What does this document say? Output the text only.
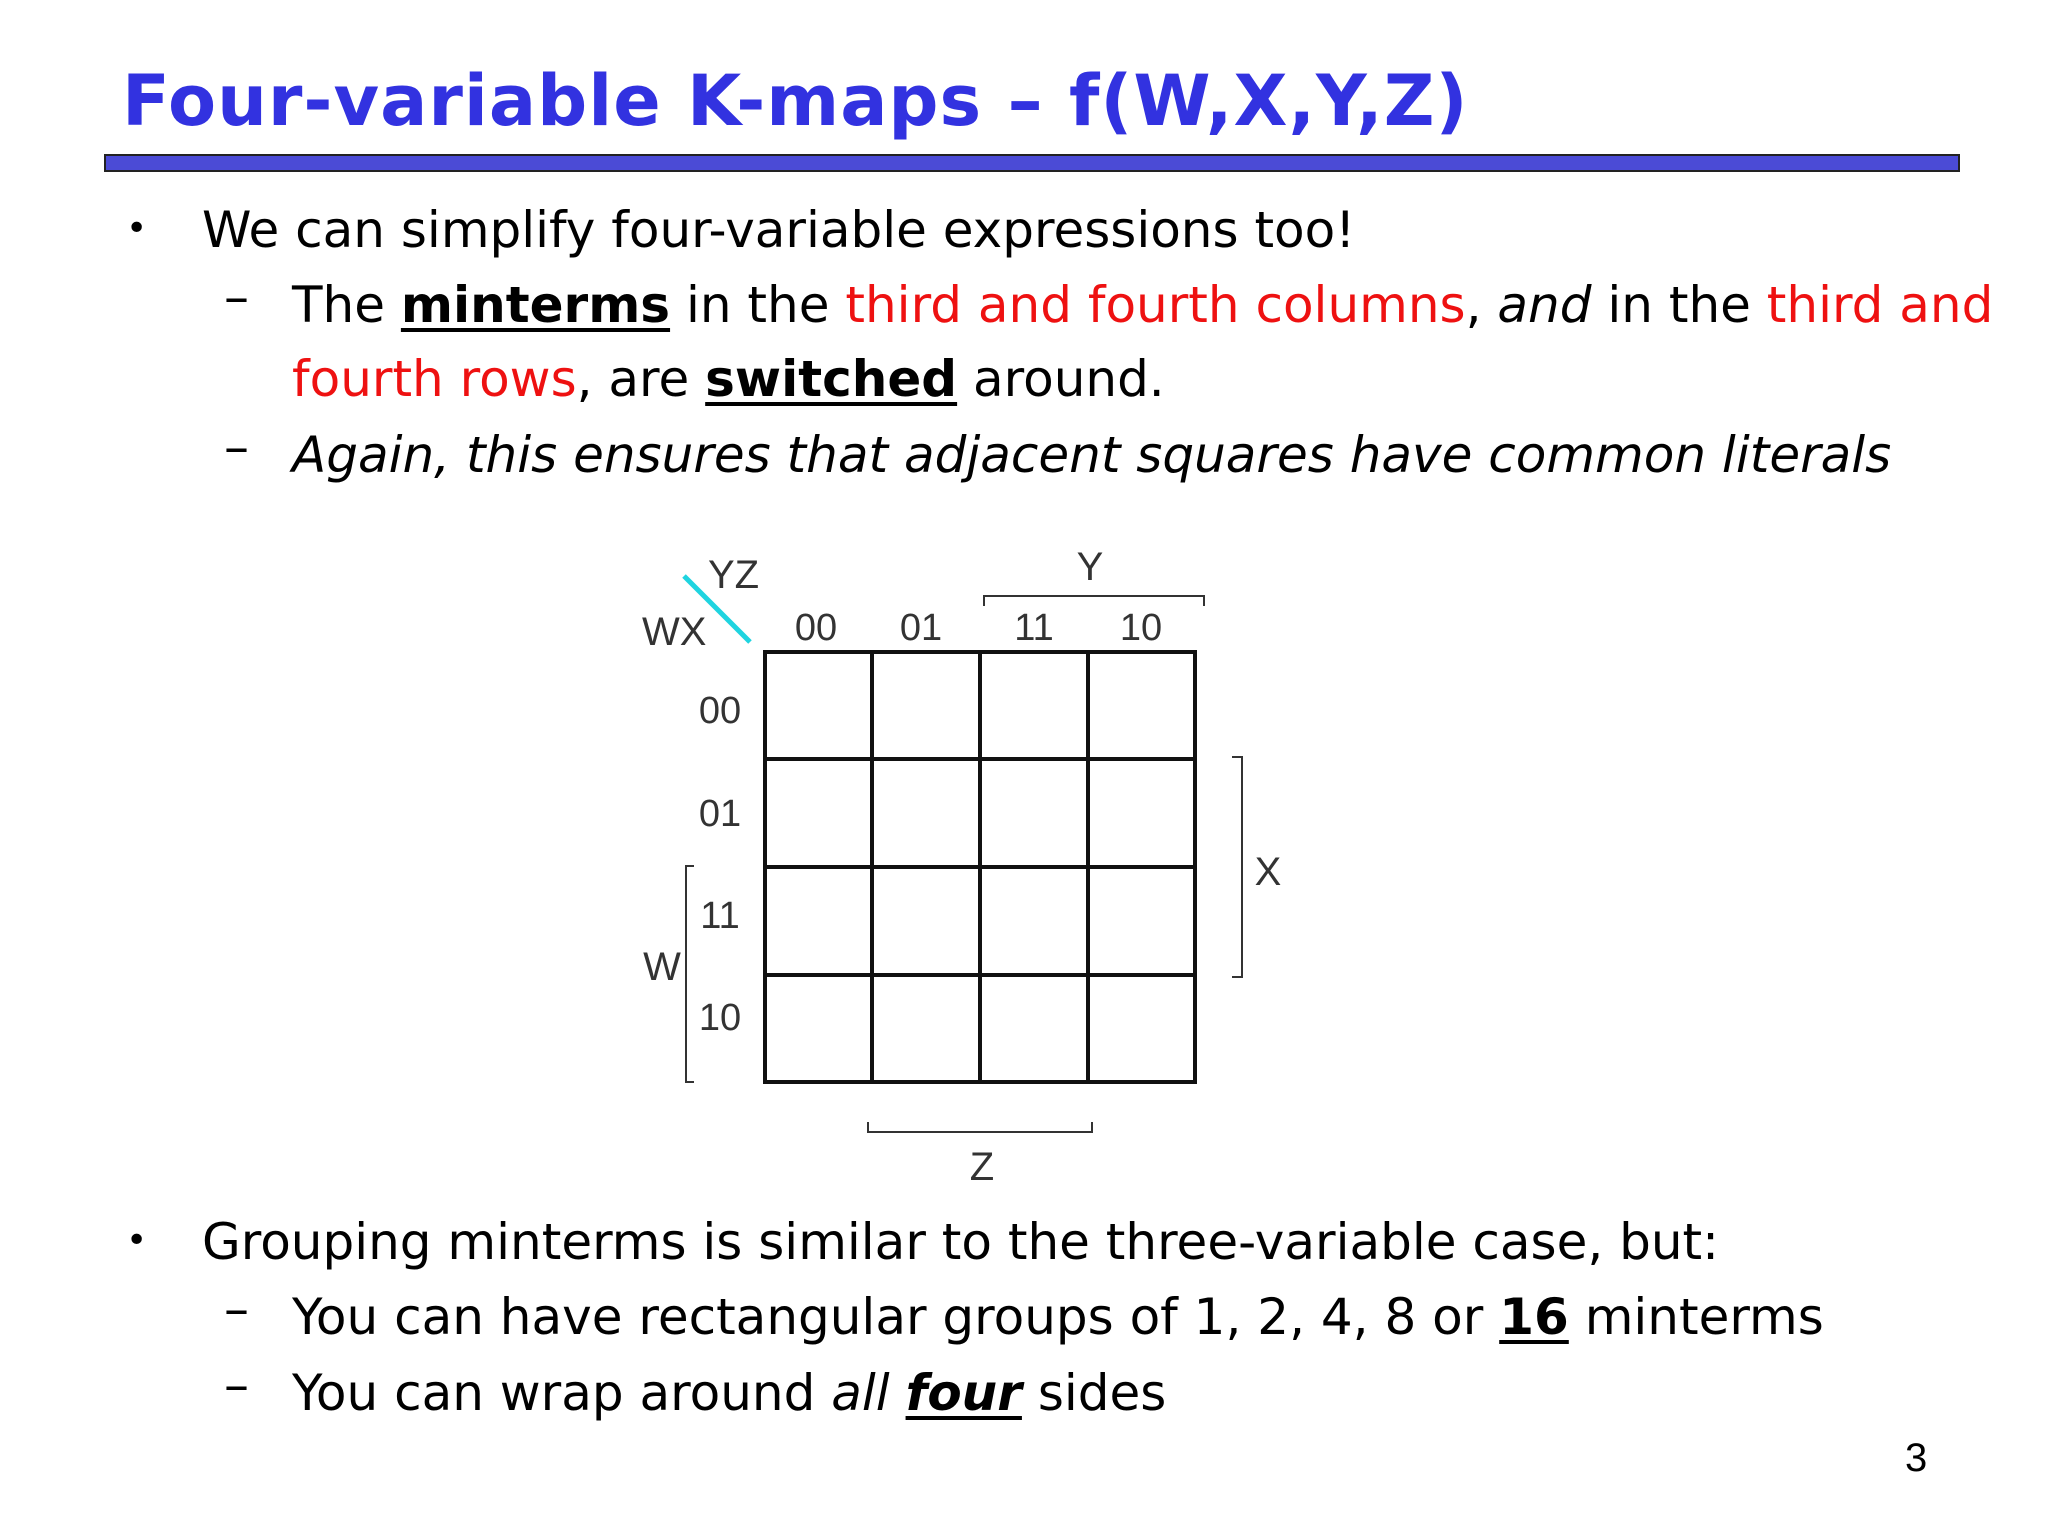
Four-variable K-maps – f(W,X,Y,Z)
• We can simplify four-variable expressions too!
– The minterms in the third and fourth columns, and in the third and
fourth rows, are switched around.
– Again, this ensures that adjacent squares have common literals
YZ
WX 00 01 11 10
00
01
11
10
Y
X
W
Z
• Grouping minterms is similar to the three-variable case, but:
– You can have rectangular groups of 1, 2, 4, 8 or 16 minterms
– You can wrap around all four sides
3
